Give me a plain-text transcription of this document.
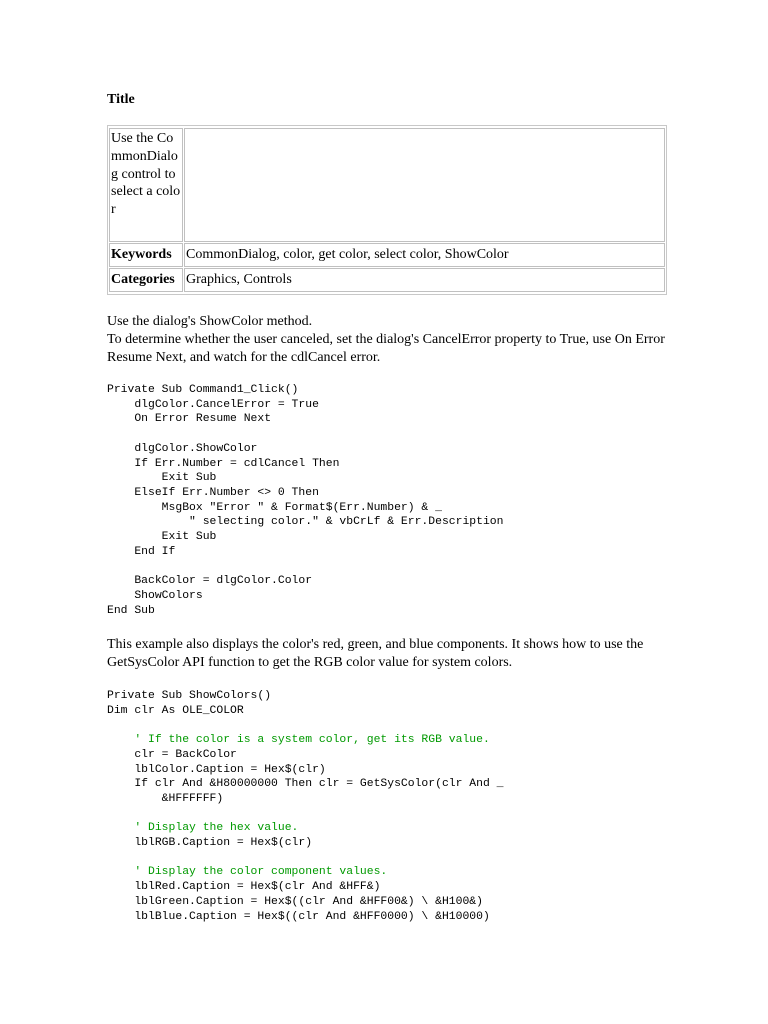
Title
Use the CommonDialog control to select a color
Keywords	CommonDialog, color, get color, select color, ShowColor
Categories Graphics, Controls
Use the dialog's ShowColor method.
To determine whether the user canceled, set the dialog's CancelError property to True, use On Error Resume Next, and watch for the cdlCancel error.
Private Sub Command1_Click()
dlgColor.CancelError = True
On Error Resume Next

dlgColor.ShowColor
If Err.Number = cdlCancel Then
Exit Sub
ElseIf Err.Number <> 0 Then
MsgBox "Error " & Format$(Err.Number) & _
" selecting color." & vbCrLf & Err.Description
Exit Sub
End If

BackColor = dlgColor.Color
ShowColors
End Sub
This example also displays the color's red, green, and blue components. It shows how to use the GetSysColor API function to get the RGB color value for system colors.
Private Sub ShowColors()
Dim clr As OLE_COLOR

' If the color is a system color, get its RGB value.
clr = BackColor
lblColor.Caption = Hex$(clr)
If clr And &H80000000 Then clr = GetSysColor(clr And _
&HFFFFFF)

' Display the hex value.
lblRGB.Caption = Hex$(clr)

' Display the color component values.
lblRed.Caption = Hex$(clr And &HFF&)
lblGreen.Caption = Hex$((clr And &HFF00&) \ &H100&)
lblBlue.Caption = Hex$((clr And &HFF0000) \ &H10000)
